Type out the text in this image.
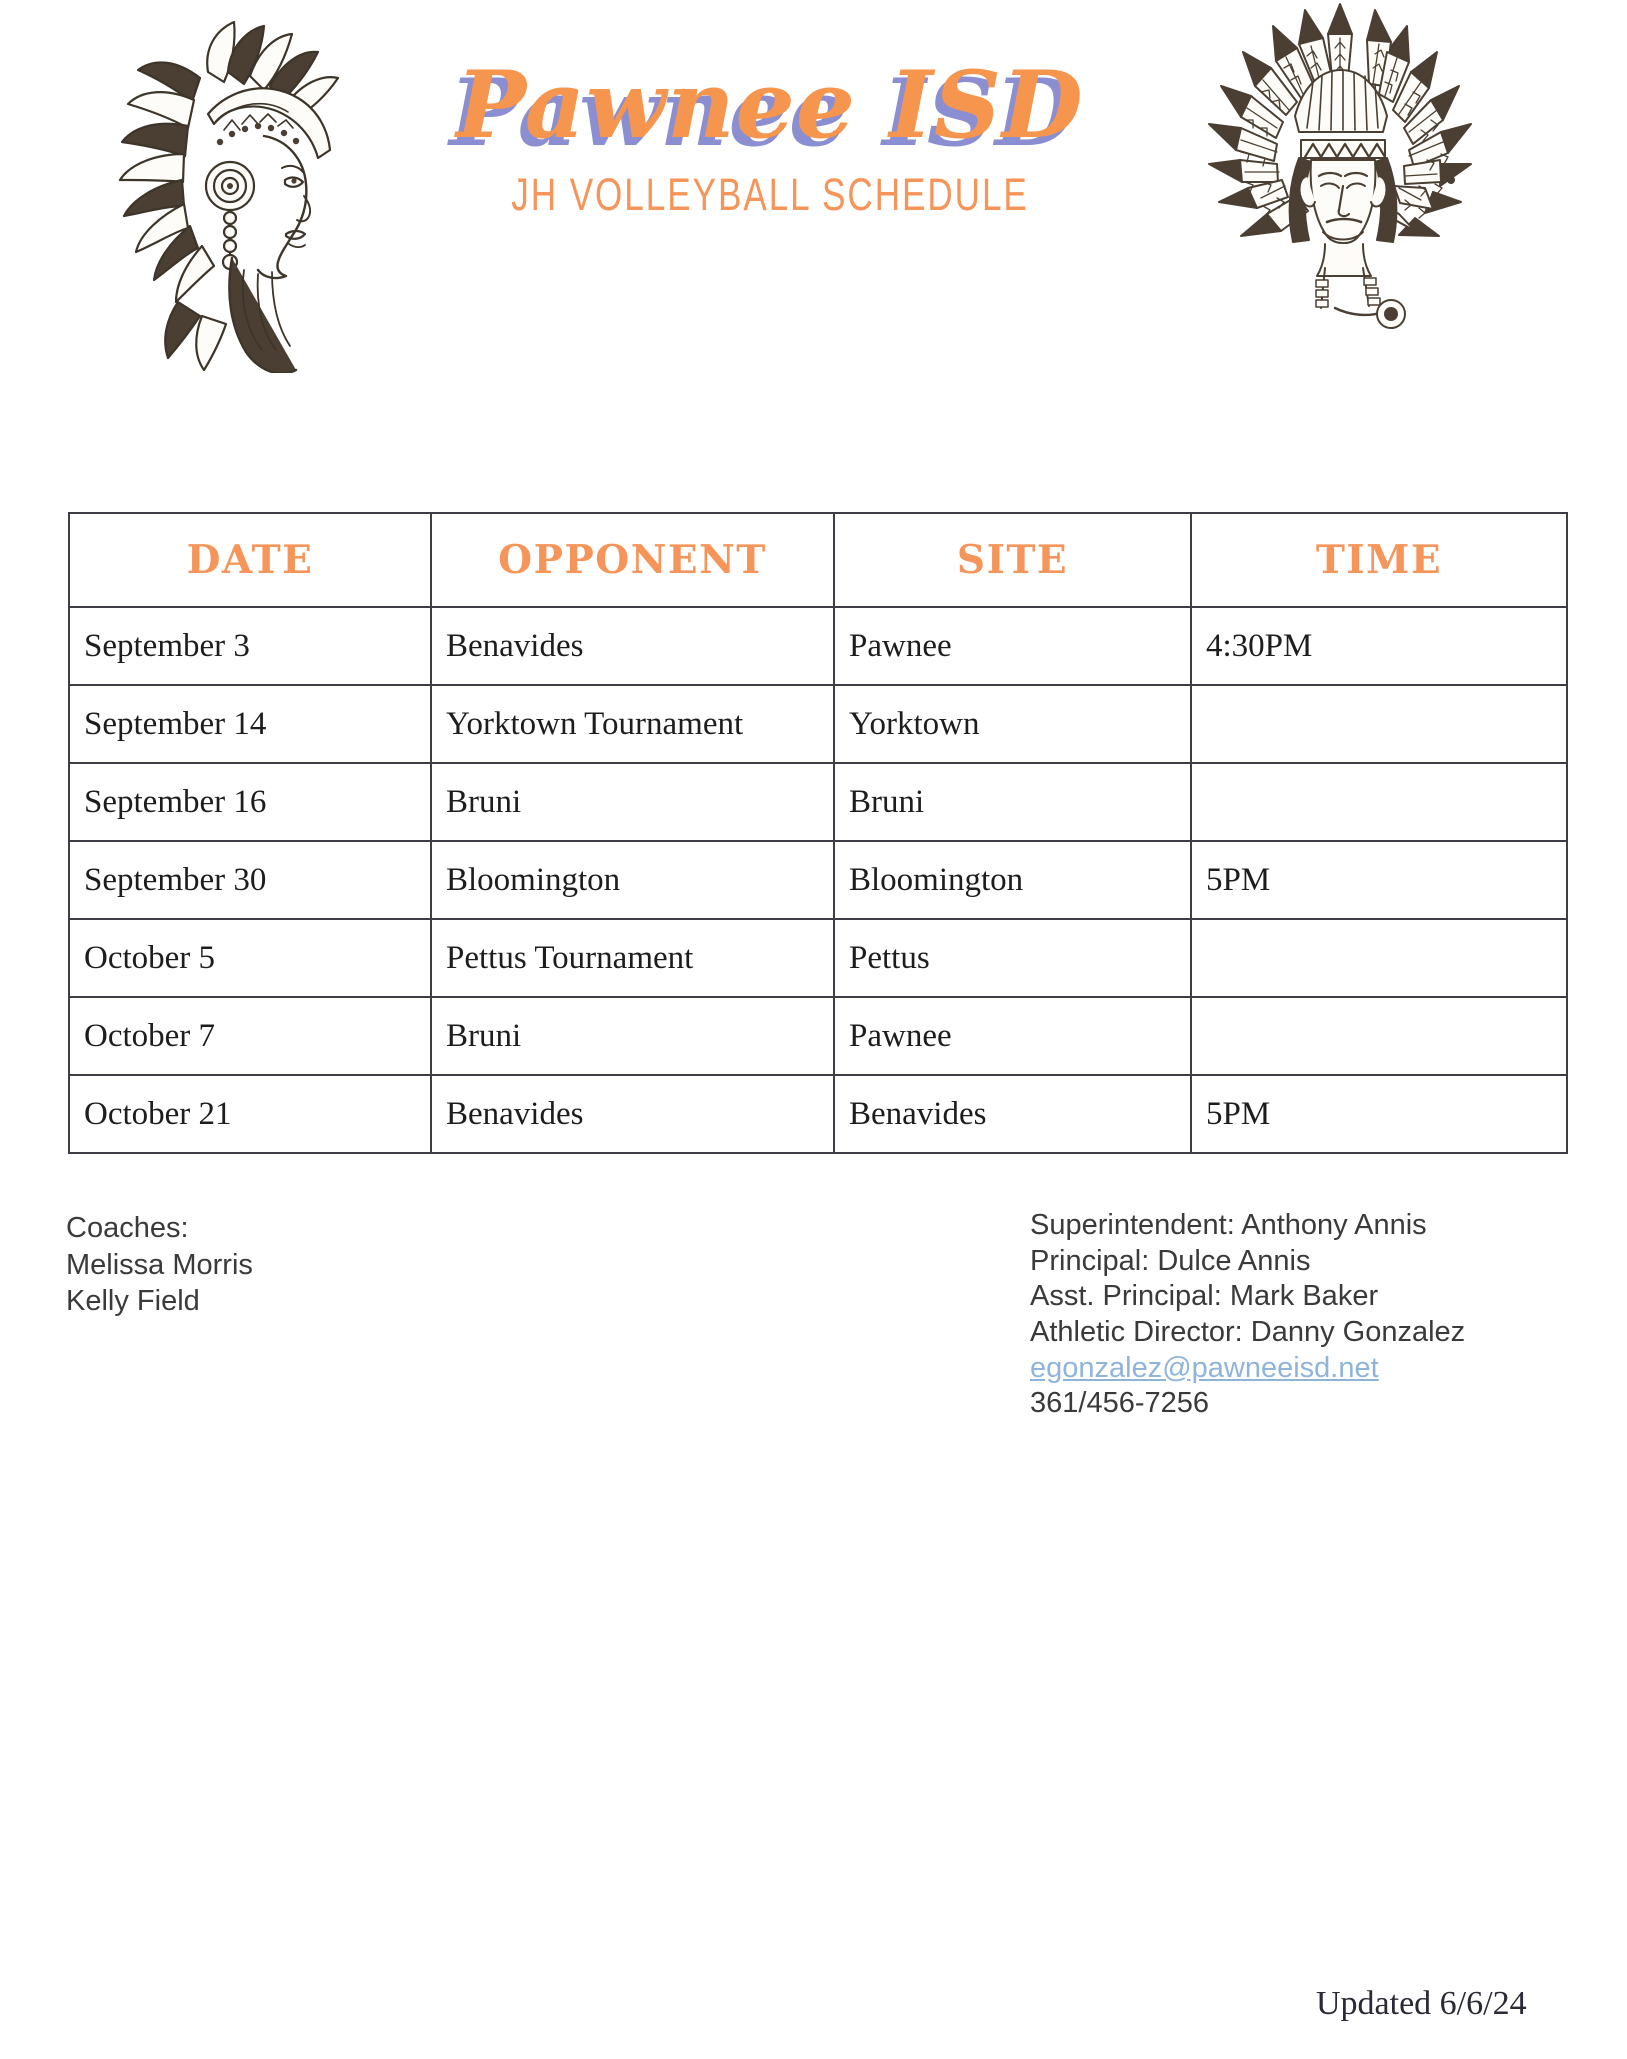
Pawnee ISD
JH VOLLEYBALL SCHEDULE
DATE	OPPONENT	SITE	TIME
September 3	Benavides	Pawnee	4:30PM
September 14	Yorktown Tournament	Yorktown	
September 16	Bruni	Bruni	
September 30	Bloomington	Bloomington	5PM
October 5	Pettus Tournament	Pettus	
October 7	Bruni	Pawnee	
October 21	Benavides	Benavides	5PM
Coaches:
Melissa Morris
Kelly Field
Superintendent: Anthony Annis
Principal: Dulce Annis
Asst. Principal: Mark Baker
Athletic Director: Danny Gonzalez
egonzalez@pawneeisd.net
361/456-7256
Updated 6/6/24
